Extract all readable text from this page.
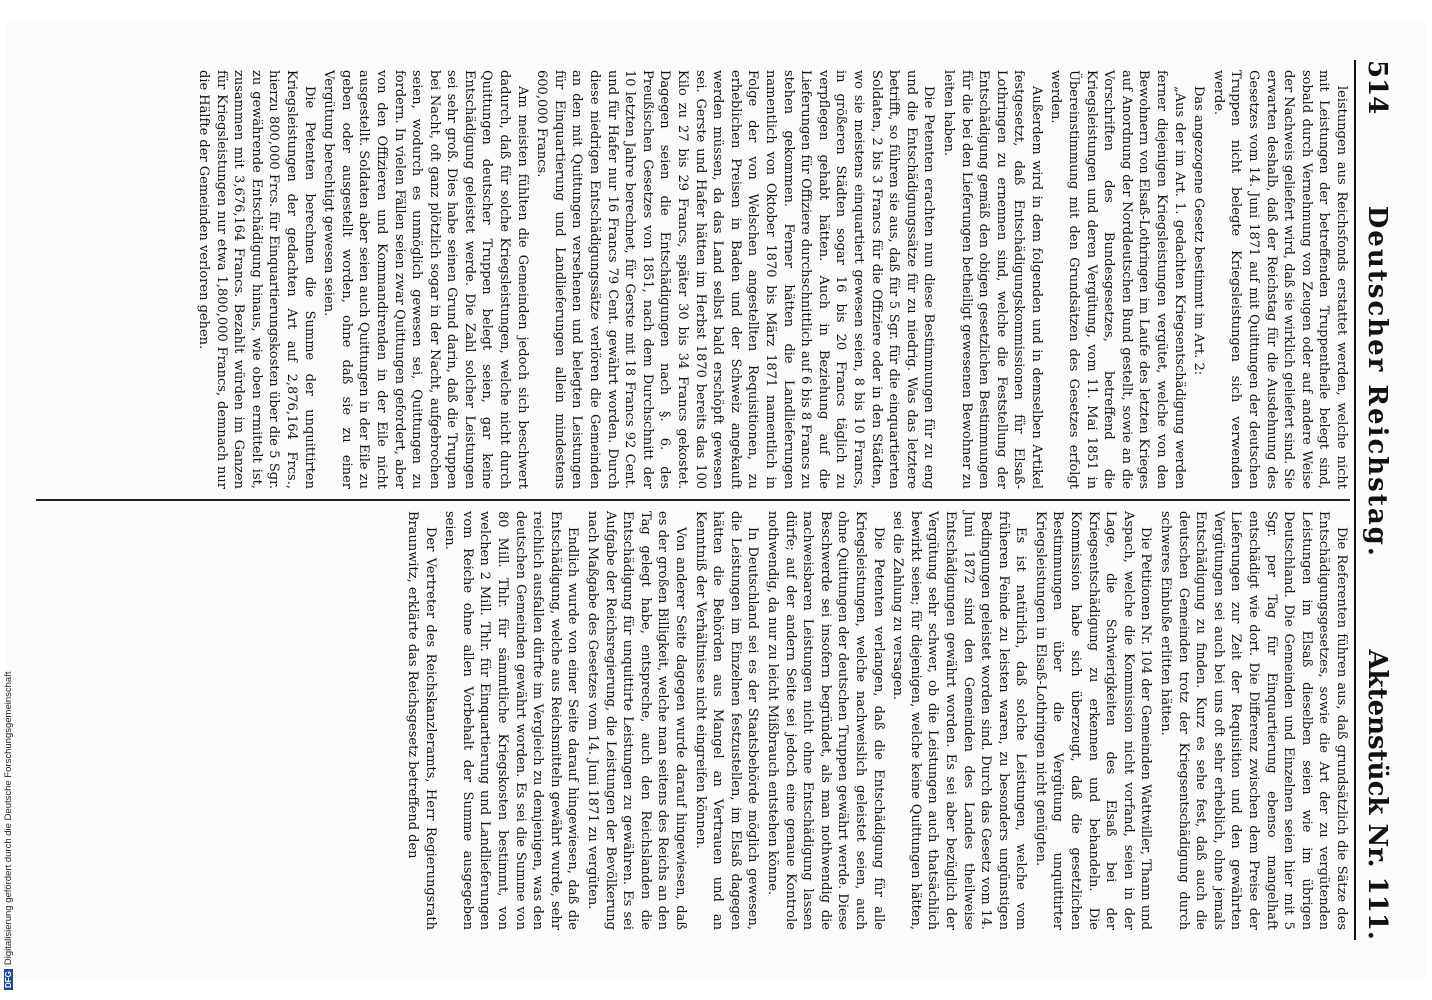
514
Deutscher Reichstag.
Aktenstück Nr. 111.

leistungen aus Reichsfonds erstattet werden, welche nicht mit Leistungen der betreffenden Truppentheile belegt sind, sobald durch Vernehmung von Zeugen oder auf andere Weise der Nachweis geliefert wird, daß sie wirklich geliefert sind. Sie erwarten deshalb, daß der Reichstag für die Ausdehnung des Gesetzes vom 14. Juni 1871 auf mit Quittungen der deutschen Truppen nicht belegte Kriegsleistungen sich verwenden werde.

Das angezogene Gesetz bestimmt im Art. 2:

„Aus der im Art. 1. gedachten Kriegsentschädigung werden ferner diejenigen Kriegsleistungen vergütet, welche von den Bewohnern von Elsaß-Lothringen im Laufe des letzten Krieges auf Anordnung der Norddeutschen Bund gestellt, sowie an die Vorschriften des Bundesgesetzes, betreffend die Kriegsleistungen und deren Vergütung, vom 11. Mai 1851 in Übereinstimmung mit den Grundsätzen des Gesetzes erfolgt werden.

Außerdem wird in dem folgenden und in demselben Artikel festgesetzt, daß Entschädigungskommissionen für Elsaß-Lothringen zu ernennen sind, welche die Feststellung der Entschädigung gemäß den obigen gesetzlichen Bestimmungen für die bei den Lieferungen betheiligt gewesenen Bewohner zu leiten haben.

Die Petenten erachten nun diese Bestimmungen für zu eng und die Entschädigungssätze für zu niedrig. Was das letztere betrifft, so führen sie aus, daß für 5 Sgr. für die einquartierten Soldaten, 2 bis 3 Francs für die Offiziere oder in den Städten, wo sie meistens einquartiert gewesen seien, 8 bis 10 Francs, in größeren Städten sogar 16 bis 20 Francs täglich zu verpflegen gehabt hätten. Auch in Beziehung auf die Lieferungen für Offiziere durchschnittlich auf 6 bis 8 Francs zu stehen gekommen. Ferner hätten die Landlieferungen namentlich von Oktober 1870 bis März 1871 namentlich in Folge der von Welschen angestellten Requisitionen, zu erheblichen Preisen in Baden und der Schweiz angekauft werden müssen, da das Land selbst bald erschöpft gewesen sei. Gerste und Hafer hätten im Herbst 1870 bereits das 100 Kilo zu 27 bis 29 Francs, später 30 bis 34 Francs gekostet. Dagegen seien die Entschädigungen nach §. 6. des Preußischen Gesetzes von 1851, nach dem Durchschnitt der 10 letzten Jahre berechnet, für Gerste mit 18 Francs 92 Cent. und für Hafer nur 16 Francs 79 Cent. gewährt worden. Durch diese niedrigen Entschädigungssätze verlören die Gemeinden an den mit Quittungen versehenen und belegten Leistungen für Einquartierung und Landlieferungen allein mindestens 600,000 Francs.

Am meisten fühlten die Gemeinden jedoch sich beschwert dadurch, daß für solche Kriegsleistungen, welche nicht durch Quittungen deutscher Truppen belegt seien, gar keine Entschädigung geleistet werde. Die Zahl solcher Leistungen sei sehr groß. Dies habe seinen Grund darin, daß die Truppen bei Nacht, oft ganz plötzlich sogar in der Nacht, aufgebrochen seien, wodurch es unmöglich gewesen sei, Quittungen zu fordern. In vielen Fällen seien zwar Quittungen gefordert, aber von den Offizieren und Kommandirenden in der Eile nicht ausgestellt. Soldaten aber seien auch Quittungen in der Eile zu geben oder ausgestellt worden, ohne daß sie zu einer Vergütung berechtigt gewesen seien.

Die Petenten berechnen die Summe der unquittirten Kriegsleistungen der gedachten Art auf 2,876,164 Frcs., hierzu 800,000 Frcs. für Einquartierungskosten über die 5 Sgr. zu gewährende Entschädigung hinaus, wie oben ermittelt ist, zusammen mit 3,676,164 Francs. Bezahlt würden im Ganzen für Kriegsleistungen nur etwa 1,800,000 Francs, demnach nur die Hälfte der Gemeinden verloren gehen.

Die Referenten führen aus, daß grundsätzlich die Sätze des Entschädigungsgesetzes, sowie die Art der zu vergütenden Leistungen im Elsaß dieselben seien wie im übrigen Deutschland. Die Gemeinden und Einzelnen seien hier mit 5 Sgr. per Tag für Einquartierung ebenso mangelhaft entschädigt wie dort. Die Differenz zwischen dem Preise der Lieferungen zur Zeit der Requisition und den gewährten Vergütungen sei auch bei uns oft sehr erheblich, ohne jemals Entschädigung zu finden. Kurz es sehe fest, daß auch die deutschen Gemeinden trotz der Kriegsentschädigung durch schweres Einbuße erlitten hätten.

Die Petitionen Nr. 104 der Gemeinden Wattwiller, Thann und Aspach, welche die Kommission nicht vorfand, seien in der Lage, die Schwierigkeiten des Elsaß bei der Kriegsentschädigung zu erkennen und behandeln. Die Kommission habe sich überzeugt, daß die gesetzlichen Bestimmungen über die Vergütung unquittirter Kriegsleistungen in Elsaß-Lothringen nicht genügten.

Es ist natürlich, daß solche Leistungen, welche vom früheren Feinde zu leisten waren, zu besonders ungünstigen Bedingungen geleistet worden sind. Durch das Gesetz vom 14. Juni 1872 sind den Gemeinden des Landes theilweise Entschädigungen gewährt worden. Es sei aber bezüglich der Vergütung sehr schwer, ob die Leistungen auch thatsächlich bewirkt seien; für diejenigen, welche keine Quittungen hätten, sei die Zahlung zu versagen.

Die Petenten verlangen, daß die Entschädigung für alle Kriegsleistungen, welche nachweislich geleistet seien, auch ohne Quittungen der deutschen Truppen gewährt werde. Diese Beschwerde sei insofern begründet, als man nothwendig die nachweisbaren Leistungen nicht ohne Entschädigung lassen dürfe; auf der andern Seite sei jedoch eine genaue Kontrole nothwendig, da nur zu leicht Mißbrauch entstehen könne.

In Deutschland sei es der Staatsbehörde möglich gewesen, die Leistungen im Einzelnen festzustellen, im Elsaß dagegen hätten die Behörden aus Mangel an Vertrauen und an Kenntniß der Verhältnisse nicht eingreifen können.

Von anderer Seite dagegen wurde darauf hingewiesen, daß es der großen Billigkeit, welche man seitens des Reichs an den Tag gelegt habe, entspreche, auch den Reichslanden die Entschädigung für unquittirte Leistungen zu gewähren. Es sei Aufgabe der Reichsregierung, die Leistungen der Bevölkerung nach Maßgabe des Gesetzes vom 14. Juni 1871 zu vergüten.

Endlich wurde von einer Seite darauf hingewiesen, daß die Entschädigung, welche aus Reichsmitteln gewährt wurde, sehr reichlich ausfallen dürfte im Vergleich zu demjenigen, was den deutschen Gemeinden gewährt worden. Es sei die Summe von 80 Mill. Thlr. für sämmtliche Kriegskosten bestimmt, von welchen 2 Mill. Thlr. für Einquartierung und Landlieferungen vom Reiche ohne allen Vorbehalt der Summe ausgegeben seien.

Der Vertreter des Reichskanzleramts, Herr Regierungsrath Braunwitz, erklärte das Reichsgesetz betreffend den

DFGDigitalisierung gefördert durch die Deutsche Forschungsgemeinschaft
